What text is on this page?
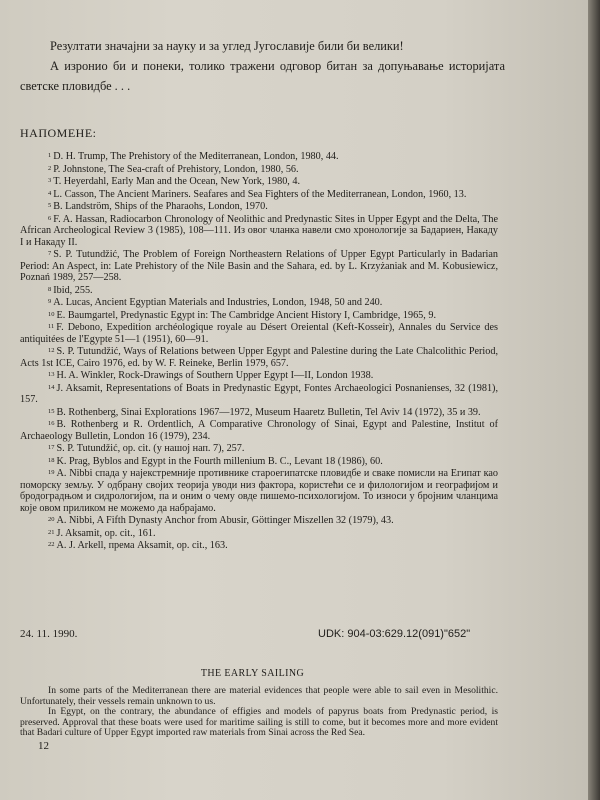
Резултати значајни за науку и за углед Југославије били би велики!

А изронио би и понеки, толико тражени одговор битан за допуњавање историјата светске пловидбе . . .

НАПОМЕНЕ:
$^1$ D. H. Trump, The Prehistory of the Mediterranean, London, 1980, 44.
$^2$ P. Johnstone, The Sea-craft of Prehistory, London, 1980, 56.
$^3$ T. Heyerdahl, Early Man and the Ocean, New York, 1980, 4.
$^4$ L. Casson, The Ancient Mariners. Seafares and Sea Fighters of the Mediterranean, London, 1960, 13.
$^5$ B. Landström, Ships of the Pharaohs, London, 1970.
$^6$ F. A. Hassan, Radiocarbon Chronology of Neolithic and Predynastic Sites in Upper Egypt and the Delta, The African Archeological Review 3 (1985), 108—111. Из овог чланка навели смо хронологије за Бадариен, Накаду I и Накаду II.
$^7$ S. P. Tutundžić, The Problem of Foreign Northeastern Relations of Upper Egypt Particularly in Badarian Period: An Aspect, in: Late Prehistory of the Nile Basin and the Sahara, ed. by L. Krzyżaniak and M. Kobusiewicz, Poznań 1989, 257—258.
$^8$ Ibid, 255.
$^9$ A. Lucas, Ancient Egyptian Materials and Industries, London, 1948, 50 and 240.
$^{10}$ E. Baumgartel, Predynastic Egypt in: The Cambridge Ancient History I, Cambridge, 1965, 9.
$^{11}$ F. Debono, Expedition archéologique royale au Désert Oreiental (Keft-Kosseir), Annales du Service des antiquitées de l'Egypte 51—1 (1951), 60—91.
$^{12}$ S. P. Tutundžić, Ways of Relations between Upper Egypt and Palestine during the Late Chalcolithic Period, Acts 1st ICE, Cairo 1976, ed. by W. F. Reineke, Berlin 1979, 657.
$^{13}$ H. A. Winkler, Rock-Drawings of Southern Upper Egypt I—II, London 1938.
$^{14}$ J. Aksamit, Representations of Boats in Predynastic Egypt, Fontes Archaeologici Posnanienses, 32 (1981), 157.
$^{15}$ B. Rothenberg, Sinai Explorations 1967—1972, Museum Haaretz Bulletin, Tel Aviv 14 (1972), 35 и 39.
$^{16}$ B. Rothenberg и R. Ordentlich, A Comparative Chronology of Sinai, Egypt and Palestine, Institut of Archaeology Bulletin, London 16 (1979), 234.
$^{17}$ S. P. Tutundžić, op. cit. (у нашој нап. 7), 257.
$^{18}$ K. Prag, Byblos and Egypt in the Fourth millenium B. C., Levant 18 (1986), 60.
$^{19}$ A. Nibbi спада у најекстремније противнике староегипатске пловидбе и сваке помисли на Египат као поморску земљу. У одбрану својих теорија уводи низ фактора, користећи се и филологијом и географијом и бродоградњом и сидрологијом, па и оним о чему овде пишемо-психологијом. То износи у бројним члaнцима које овом приликом не можемо да набрајамо.
$^{20}$ A. Nibbi, A Fifth Dynasty Anchor from Abusir, Göttinger Miszellen 32 (1979), 43.
$^{21}$ J. Aksamit, op. cit., 161.
$^{22}$ A. J. Arkell, према Aksamit, op. cit., 163.
24. 11. 1990.	UDK: 904-03:629.12(091)"652"
THE EARLY SAILING

In some parts of the Mediterranean there are material evidences that people were able to sail even in Mesolithic. Unfortunately, their vessels remain unknown to us.

In Egypt, on the contrary, the abundance of effigies and models of papyrus boats from Predynastic period, is preserved. Approval that these boats were used for maritime sailing is still to come, but it becomes more and more evident that Badari culture of Upper Egypt imported raw materials from Sinai across the Red Sea.

12
